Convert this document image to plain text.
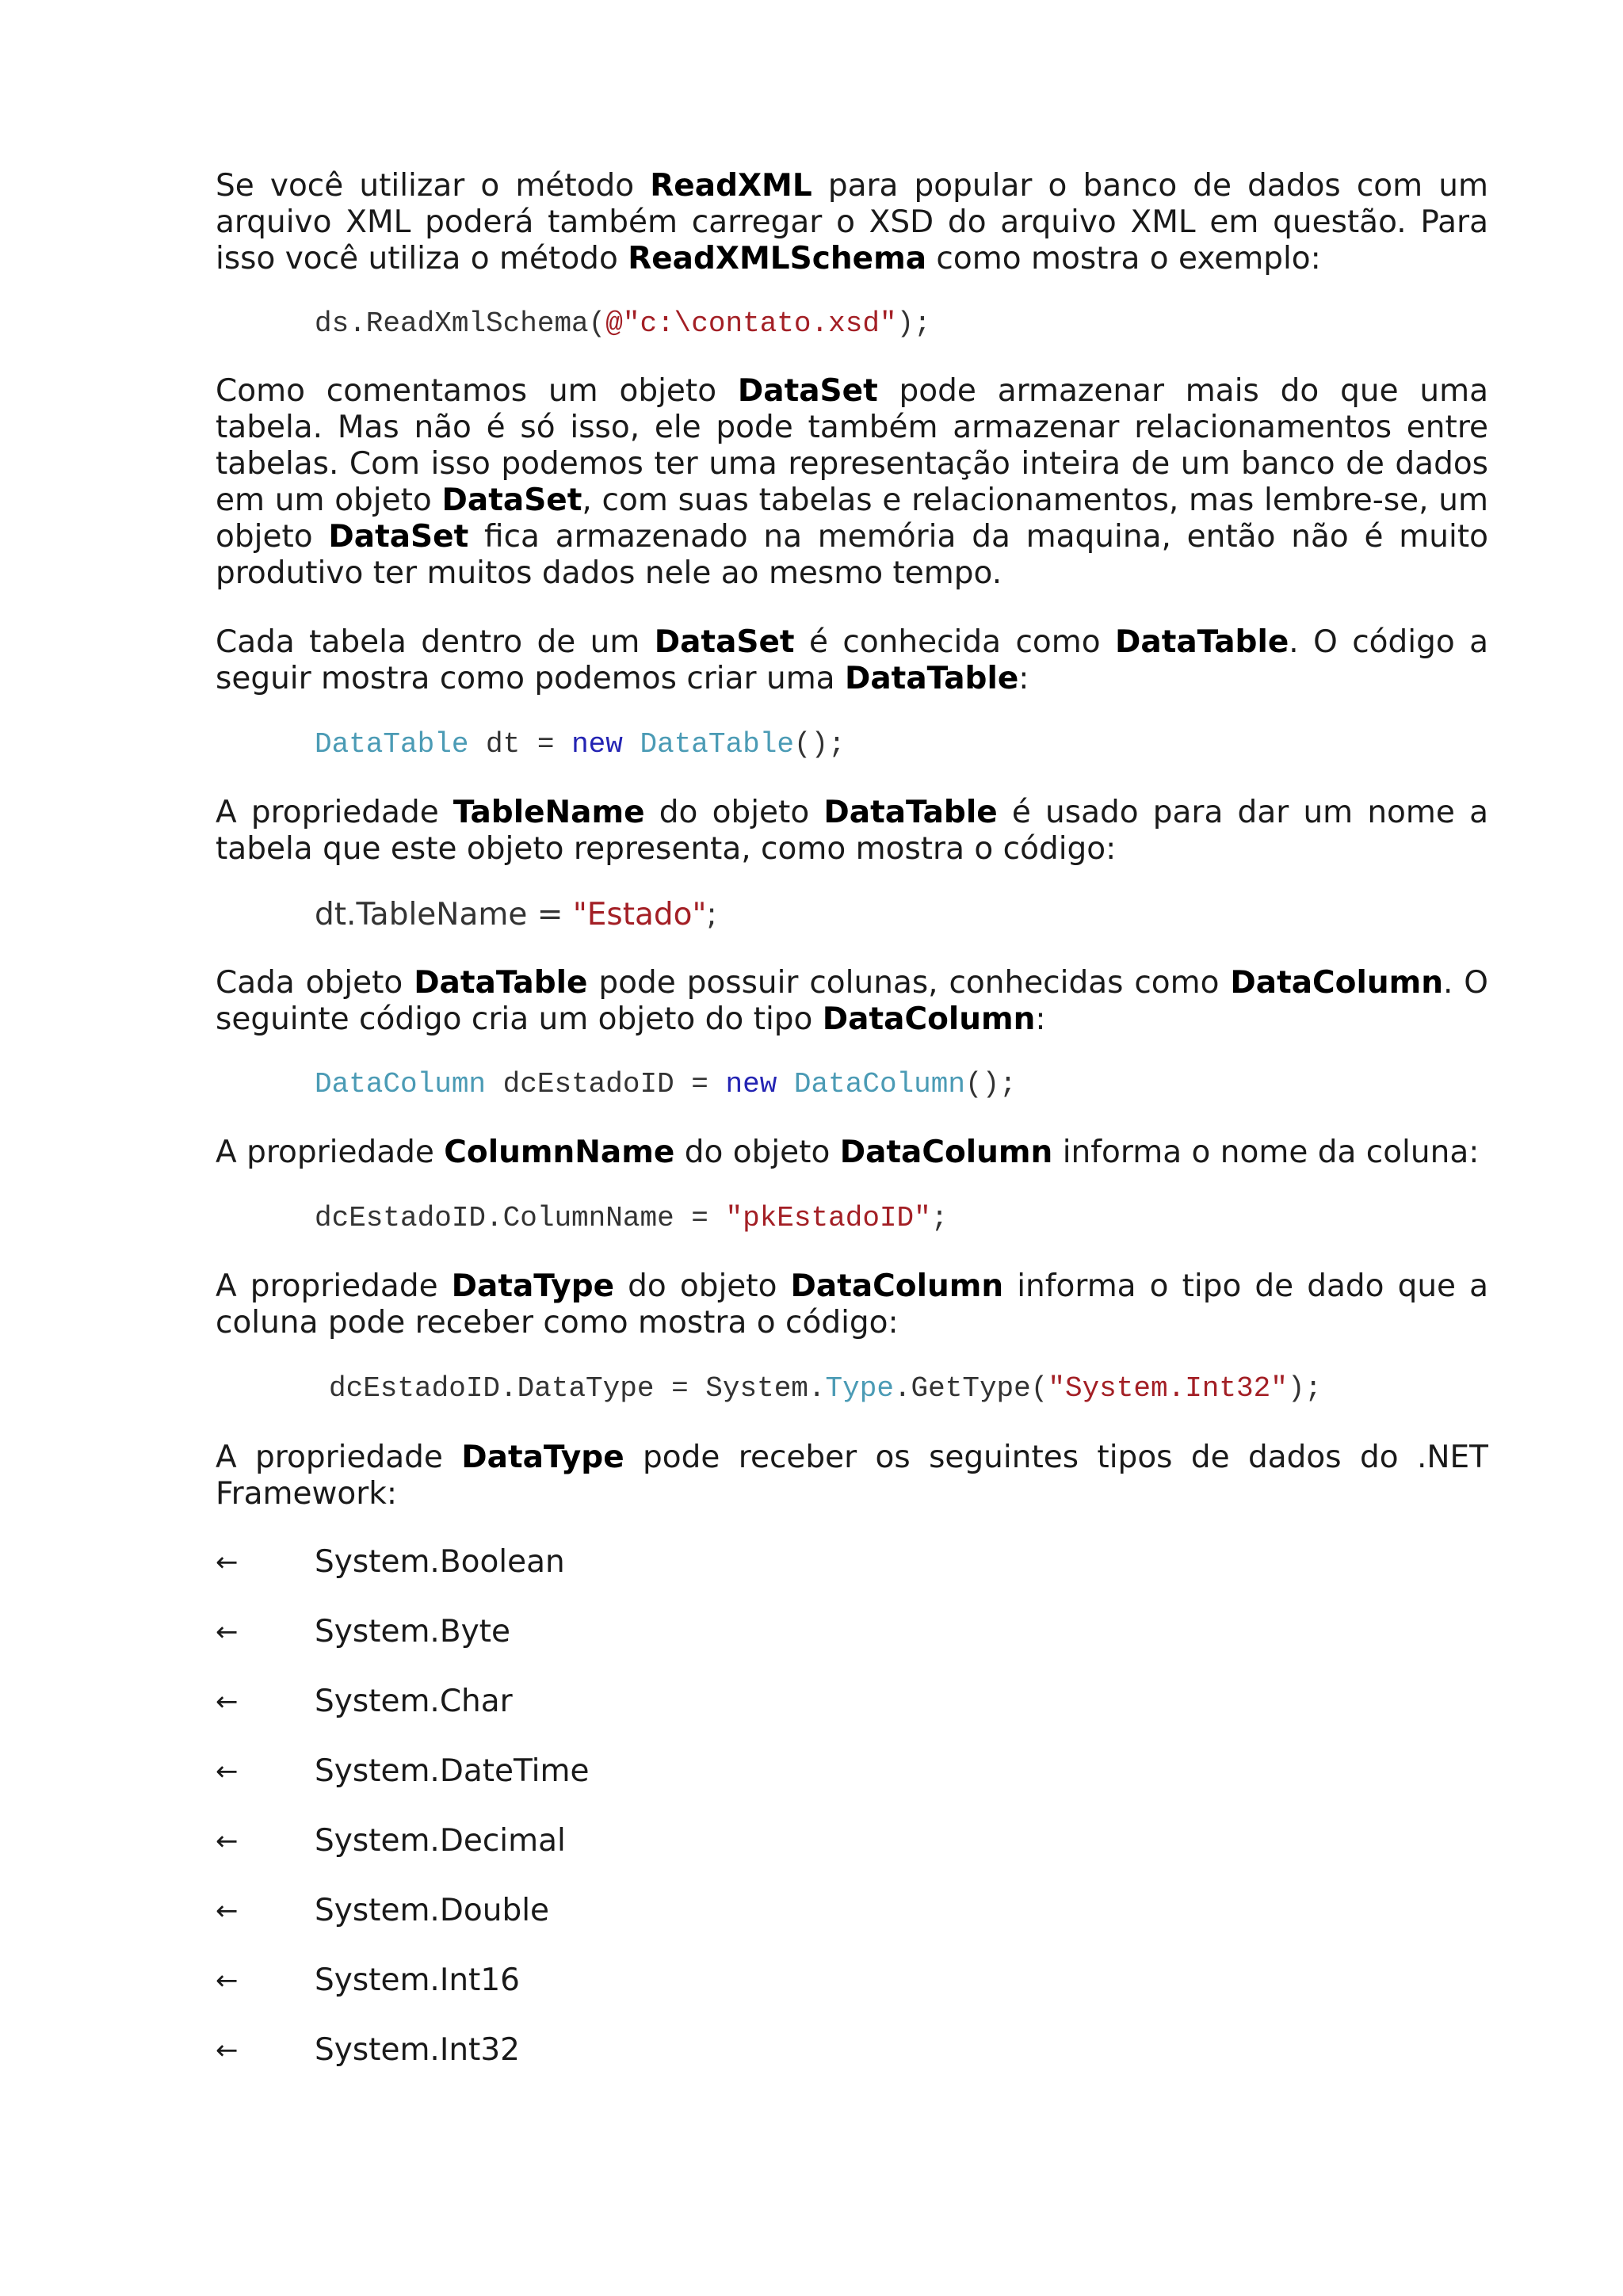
Se você utilizar o método ReadXML para popular o banco de dados com um arquivo XML poderá também carregar o XSD do arquivo XML em questão. Para isso você utiliza o método ReadXMLSchema como mostra o exemplo:

ds.ReadXmlSchema(@"c:\contato.xsd");

Como comentamos um objeto DataSet pode armazenar mais do que uma tabela. Mas não é só isso, ele pode também armazenar relacionamentos entre tabelas. Com isso podemos ter uma representação inteira de um banco de dados em um objeto DataSet, com suas tabelas e relacionamentos, mas lembre-se, um objeto DataSet fica armazenado na memória da maquina, então não é muito produtivo ter muitos dados nele ao mesmo tempo.

Cada tabela dentro de um DataSet é conhecida como DataTable. O código a seguir mostra como podemos criar uma DataTable:

DataTable dt = new DataTable();

A propriedade TableName do objeto DataTable é usado para dar um nome a tabela que este objeto representa, como mostra o código:

dt.TableName = "Estado";

Cada objeto DataTable pode possuir colunas, conhecidas como DataColumn. O seguinte código cria um objeto do tipo DataColumn:

DataColumn dcEstadoID = new DataColumn();

A propriedade ColumnName do objeto DataColumn informa o nome da coluna:

dcEstadoID.ColumnName = "pkEstadoID";

A propriedade DataType do objeto DataColumn informa o tipo de dado que a coluna pode receber como mostra o código:

dcEstadoID.DataType = System.Type.GetType("System.Int32");

A propriedade DataType pode receber os seguintes tipos de dados do .NET Framework:

←	System.Boolean
←	System.Byte
←	System.Char
←	System.DateTime
←	System.Decimal
←	System.Double
←	System.Int16
←	System.Int32
